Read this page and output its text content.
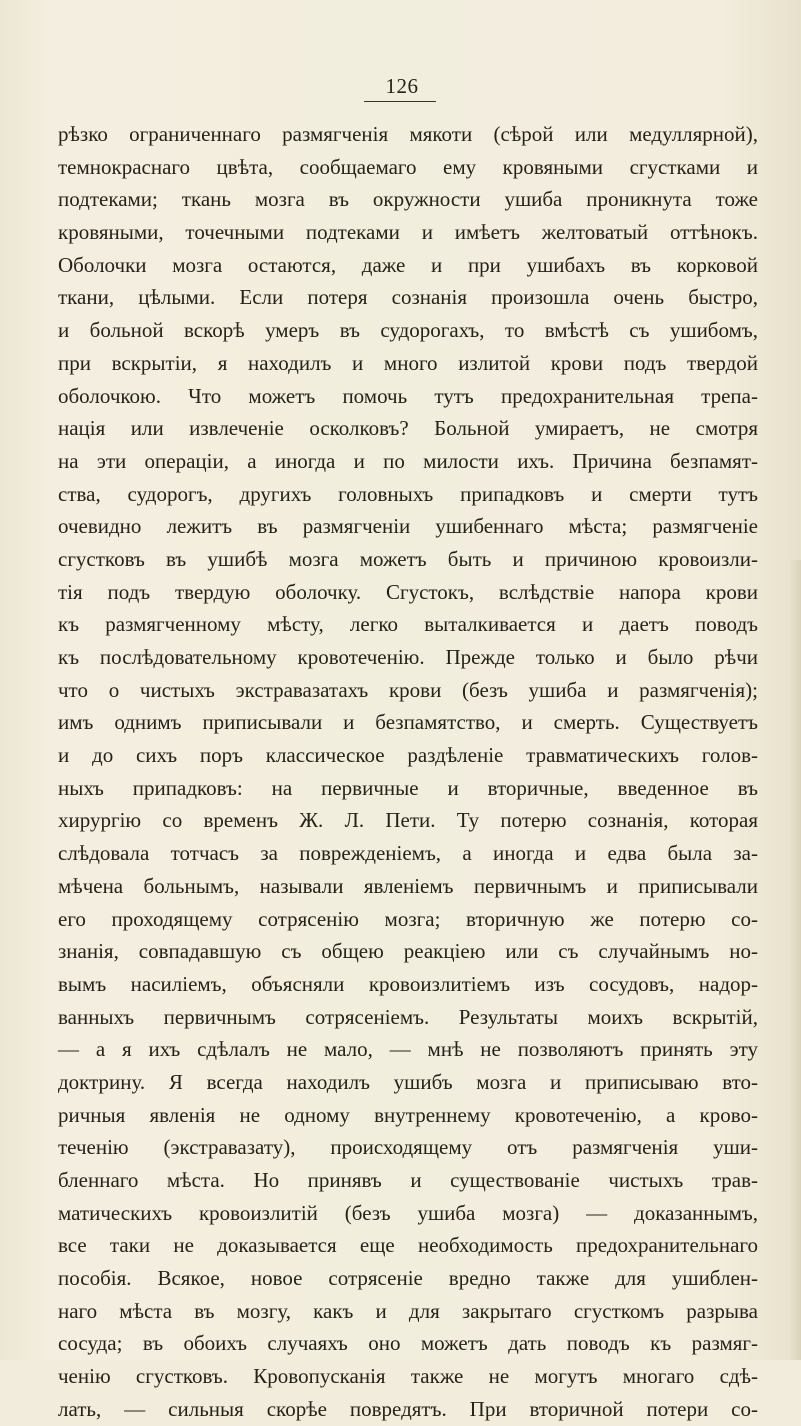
126
рѣзко ограниченнаго размягченія мякоти (сѣрой или медуллярной),
темнокраснаго цвѣта, сообщаемаго ему кровяными сгустками и
подтеками; ткань мозга въ окружности ушиба проникнута тоже
кровяными, точечными подтеками и имѣетъ желтоватый оттѣнокъ.
Оболочки мозга остаются, даже и при ушибахъ въ корковой
ткани, цѣлыми. Если потеря сознанія произошла очень быстро,
и больной вскорѣ умеръ въ судорогахъ, то вмѣстѣ съ ушибомъ,
при вскрытіи, я находилъ и много излитой крови подъ твердой
оболочкою. Что можетъ помочь тутъ предохранительная трепа-
нація или извлеченіе осколковъ? Больной умираетъ, не смотря
на эти операціи, а иногда и по милости ихъ. Причина безпамят-
ства, судорогъ, другихъ головныхъ припадковъ и смерти тутъ
очевидно лежитъ въ размягченіи ушибеннаго мѣста; размягченіе
сгустковъ въ ушибѣ мозга можетъ быть и причиною кровоизли-
тія подъ твердую оболочку. Сгустокъ, вслѣдствіе напора крови
къ размягченному мѣсту, легко выталкивается и даетъ поводъ
къ послѣдовательному кровотеченію. Прежде только и было рѣчи
что о чистыхъ экстравазатахъ крови (безъ ушиба и размягченія);
имъ однимъ приписывали и безпамятство, и смерть. Существуетъ
и до сихъ поръ классическое раздѣленіе травматическихъ голов-
ныхъ припадковъ: на первичные и вторичные, введенное въ
хирургію со временъ Ж. Л. Пети. Ту потерю сознанія, которая
слѣдовала тотчасъ за поврежденіемъ, а иногда и едва была за-
мѣчена больнымъ, называли явленіемъ первичнымъ и приписывали
его проходящему сотрясенію мозга; вторичную же потерю со-
знанія, совпадавшую съ общею реакціею или съ случайнымъ но-
вымъ насиліемъ, объясняли кровоизлитіемъ изъ сосудовъ, надор-
ванныхъ первичнымъ сотрясеніемъ. Результаты моихъ вскрытій,
— а я ихъ сдѣлалъ не мало, — мнѣ не позволяютъ принять эту
доктрину. Я всегда находилъ ушибъ мозга и приписываю вто-
ричныя явленія не одному внутреннему кровотеченію, а крово-
теченію (экстравазату), происходящему отъ размягченія уши-
бленнаго мѣста. Но принявъ и существованіе чистыхъ трав-
матическихъ кровоизлитій (безъ ушиба мозга) — доказаннымъ,
все таки не доказывается еще необходимость предохранительнаго
пособія. Всякое, новое сотрясеніе вредно также для ушиблен-
наго мѣста въ мозгу, какъ и для закрытаго сгусткомъ разрыва
сосуда; въ обоихъ случаяхъ оно можетъ дать поводъ къ размяг-
ченію сгустковъ. Кровопусканія также не могутъ многаго сдѣ-
лать, — сильныя скорѣе повредятъ. При вторичной потери со-
